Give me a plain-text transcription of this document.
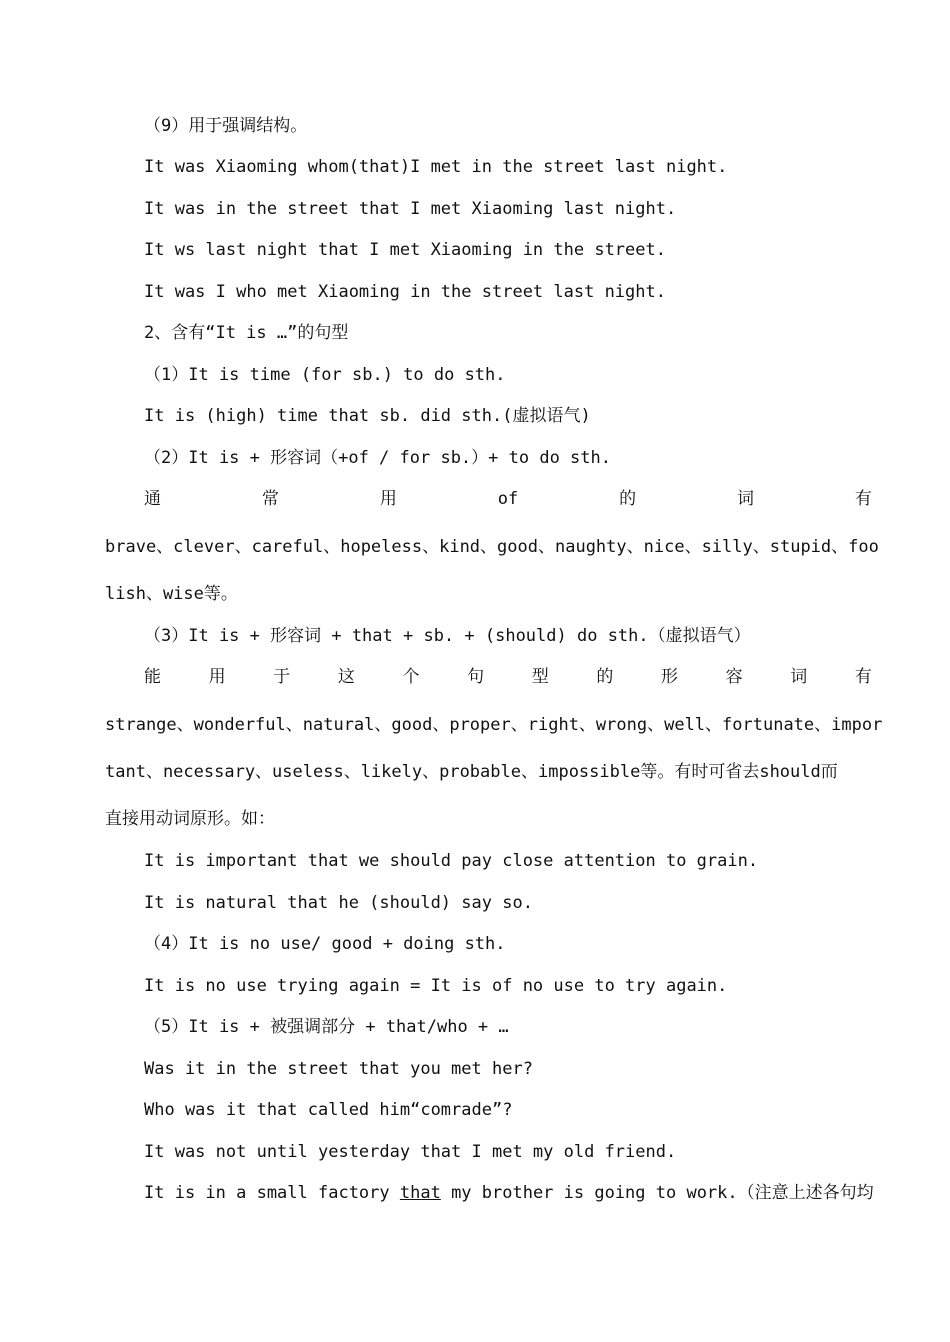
（9）用于强调结构。
It was Xiaoming whom(that)I met in the street last night.
It was in the street that I met Xiaoming last night.
It ws last night that I met Xiaoming in the street.
It was I who met Xiaoming in the street last night.
2、含有“It is …”的句型
（1）It is time (for sb.) to do sth.
It is (high) time that sb. did sth.(虚拟语气)
（2）It is + 形容词（+of / for sb.）+ to do sth.
通	常	用	of	的	词	有
brave、clever、careful、hopeless、kind、good、naughty、nice、silly、stupid、foo
lish、wise等。
（3）It is + 形容词 + that + sb. + (should) do sth.（虚拟语气）
能	用	于	这	个	句	型	的	形	容	词	有
strange、wonderful、natural、good、proper、right、wrong、well、fortunate、impor
tant、necessary、useless、likely、probable、impossible等。有时可省去should而
直接用动词原形。如：
It is important that we should pay close attention to grain.
It is natural that he (should) say so.
（4）It is no use/ good + doing sth.
It is no use trying again = It is of no use to try again.
（5）It is + 被强调部分 + that/who + …
Was it in the street that you met her?
Who was it that called him“comrade”?
It was not until yesterday that I met my old friend.
It is in a small factory that my brother is going to work.（注意上述各句均
